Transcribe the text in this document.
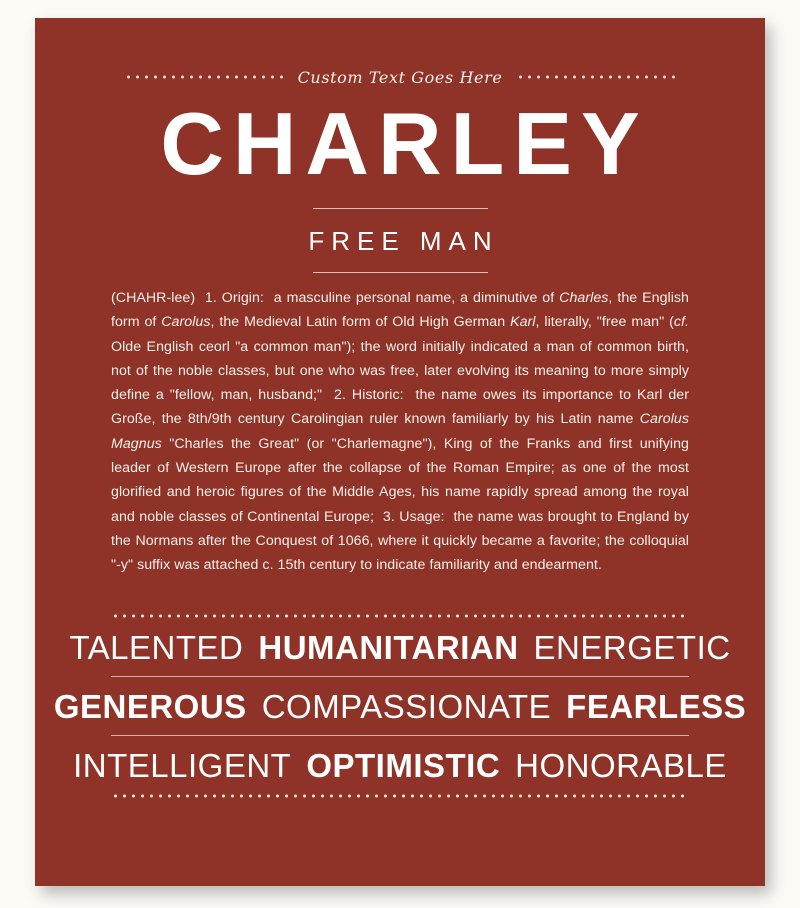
Custom Text Goes Here
CHARLEY
FREE MAN
(CHAHR-lee)  1. Origin:  a masculine personal name, a diminutive of Charles, the English form of Carolus, the Medieval Latin form of Old High German Karl, literally, "free man" (cf. Olde English ceorl "a common man"); the word initially indicated a man of common birth, not of the noble classes, but one who was free, later evolving its meaning to more simply define a "fellow, man, husband;"  2. Historic:  the name owes its importance to Karl der Große, the 8th/9th century Carolingian ruler known familiarly by his Latin name Carolus Magnus "Charles the Great" (or "Charlemagne"), King of the Franks and first unifying leader of Western Europe after the collapse of the Roman Empire; as one of the most glorified and heroic figures of the Middle Ages, his name rapidly spread among the royal and noble classes of Continental Europe;  3. Usage:  the name was brought to England by the Normans after the Conquest of 1066, where it quickly became a favorite; the colloquial "-y" suffix was attached c. 15th century to indicate familiarity and endearment.
TALENTED HUMANITARIAN ENERGETIC
GENEROUS COMPASSIONATE FEARLESS
INTELLIGENT OPTIMISTIC HONORABLE
